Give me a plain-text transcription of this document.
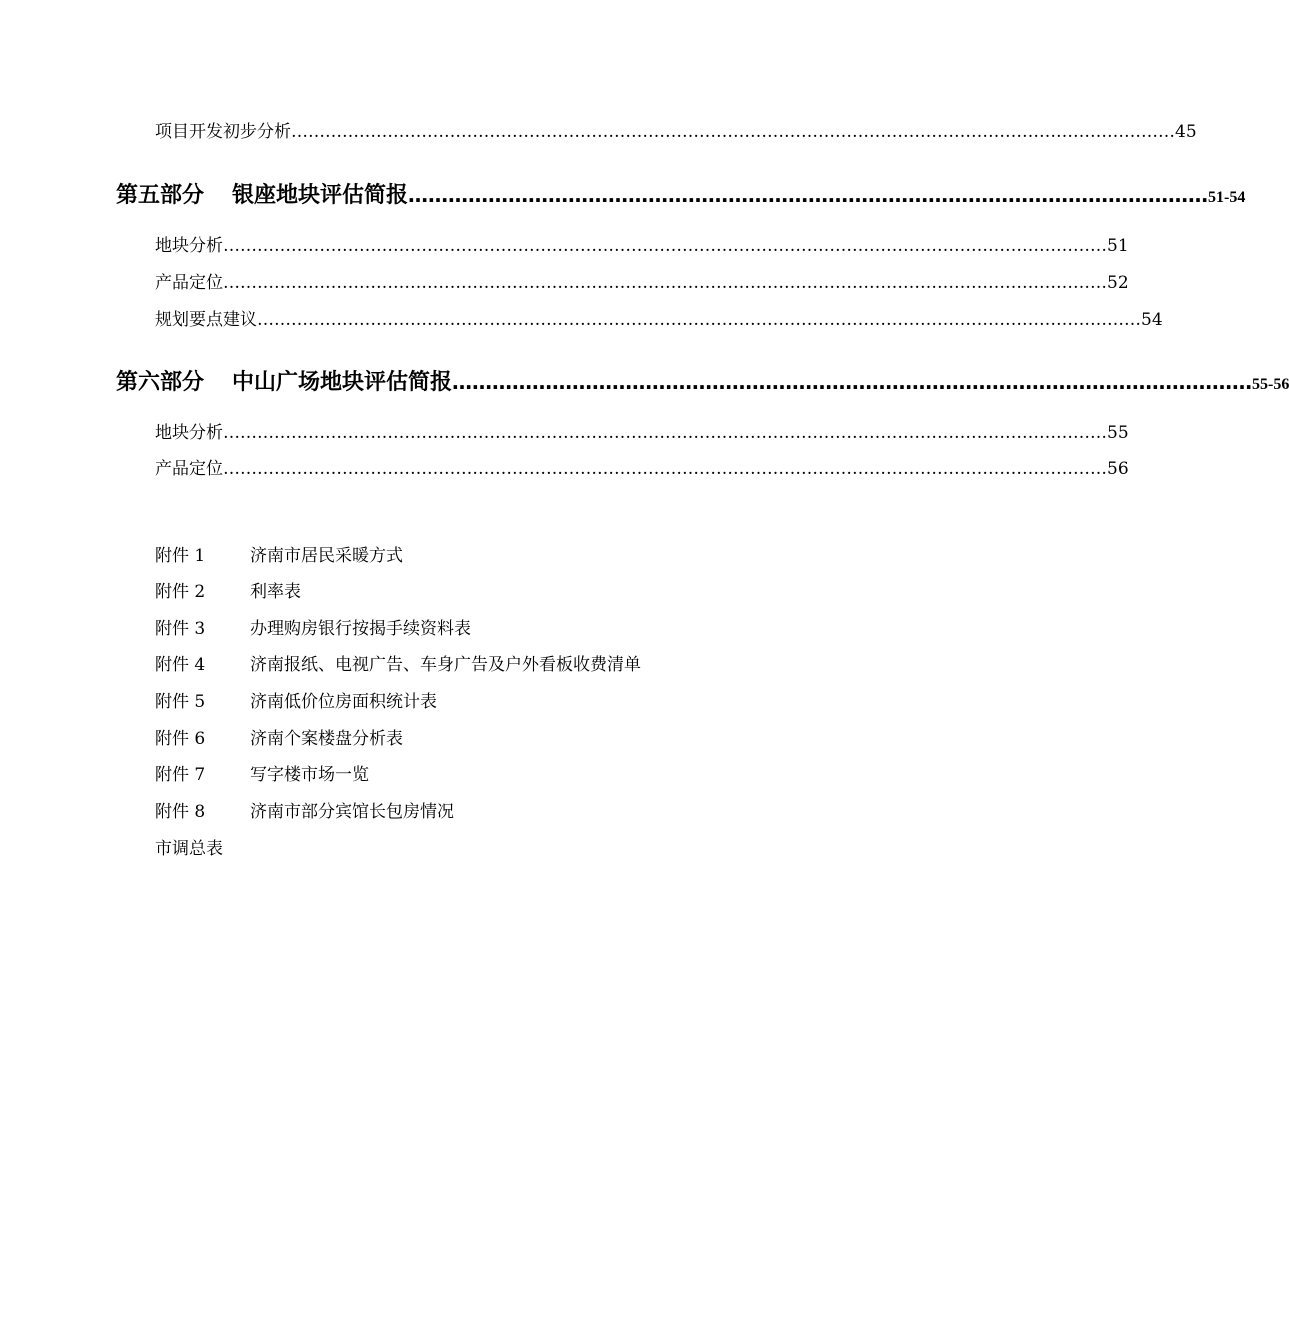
项目开发初步分析 ………………………………………………………………………………………………………………………………………… 45
第五部分 银座地块评估简报 ………………………………………………………………………………………………………… 51-54
地块分析 ………………………………………………………………………………………………………………………………………… 51
产品定位 ………………………………………………………………………………………………………………………………………… 52
规划要点建议 ………………………………………………………………………………………………………………………………………… 54
第六部分 中山广场地块评估简报 ………………………………………………………………………………………………………… 55-56
地块分析 ………………………………………………………………………………………………………………………………………… 55
产品定位 ………………………………………………………………………………………………………………………………………… 56
附件 1	济南市居民采暖方式
附件 2	利率表
附件 3	办理购房银行按揭手续资料表
附件 4	济南报纸、电视广告、车身广告及户外看板收费清单
附件 5	济南低价位房面积统计表
附件 6	济南个案楼盘分析表
附件 7	写字楼市场一览
附件 8	济南市部分宾馆长包房情况
市调总表
